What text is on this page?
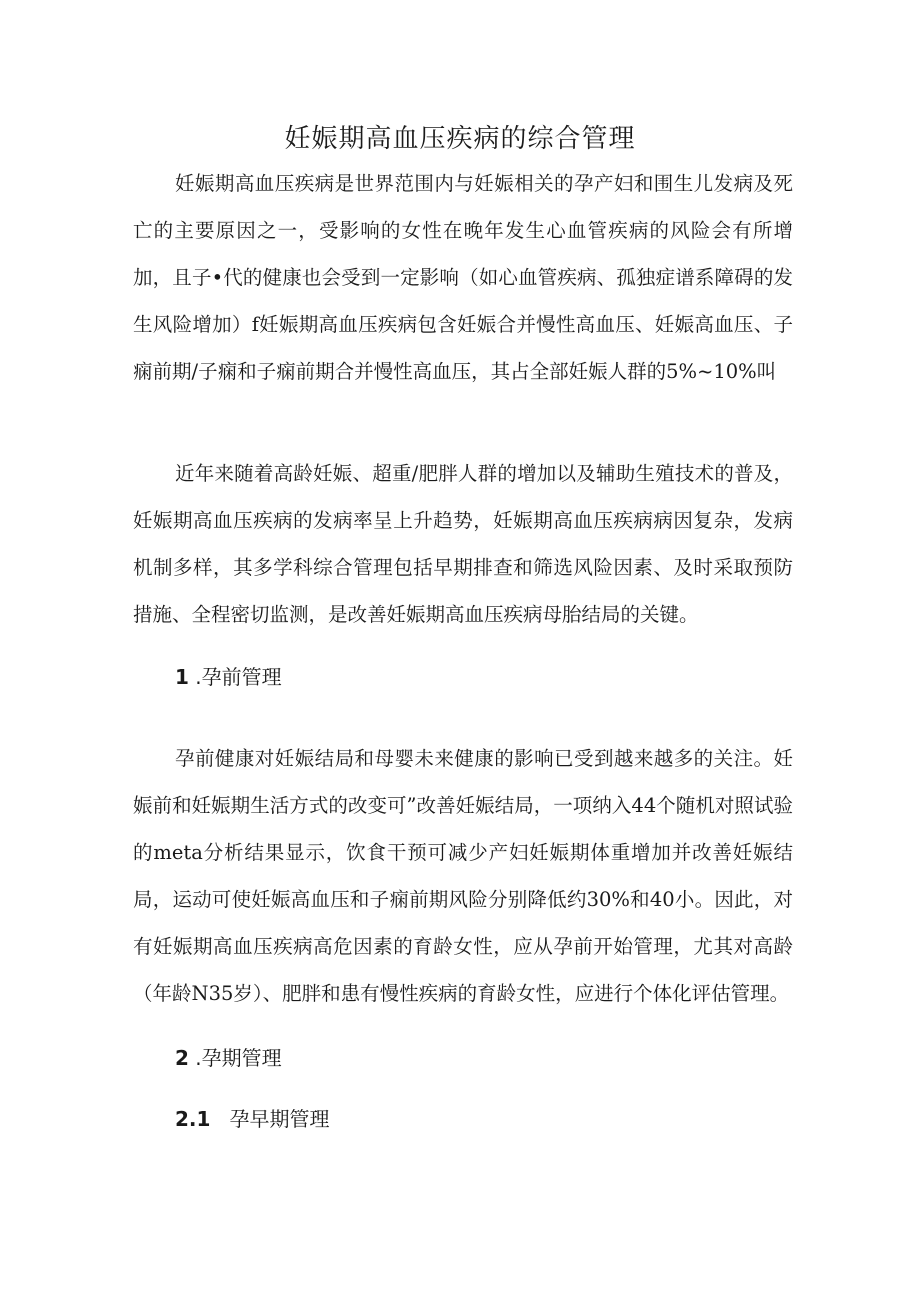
妊娠期高血压疾病的综合管理

妊娠期高血压疾病是世界范围内与妊娠相关的孕产妇和围生儿发病及死亡的主要原因之一，受影响的女性在晚年发生心血管疾病的风险会有所增加，且子•代的健康也会受到一定影响（如心血管疾病、孤独症谱系障碍的发生风险增加）f妊娠期高血压疾病包含妊娠合并慢性高血压、妊娠高血压、子痫前期/子痫和子痫前期合并慢性高血压，其占全部妊娠人群的5%~10%叫

近年来随着高龄妊娠、超重/肥胖人群的增加以及辅助生殖技术的普及，妊娠期高血压疾病的发病率呈上升趋势，妊娠期高血压疾病病因复杂，发病机制多样，其多学科综合管理包括早期排查和筛选风险因素、及时采取预防措施、全程密切监测，是改善妊娠期高血压疾病母胎结局的关键。

1 .孕前管理

孕前健康对妊娠结局和母婴未来健康的影响已受到越来越多的关注。妊娠前和妊娠期生活方式的改变可”改善妊娠结局，一项纳入44个随机对照试验的meta分析结果显示，饮食干预可减少产妇妊娠期体重增加并改善妊娠结局，运动可使妊娠高血压和子痫前期风险分别降低约30%和40小。因此，对有妊娠期高血压疾病高危因素的育龄女性，应从孕前开始管理，尤其对高龄（年龄N35岁）、肥胖和患有慢性疾病的育龄女性，应进行个体化评估管理。

2 .孕期管理
2.1   孕早期管理
